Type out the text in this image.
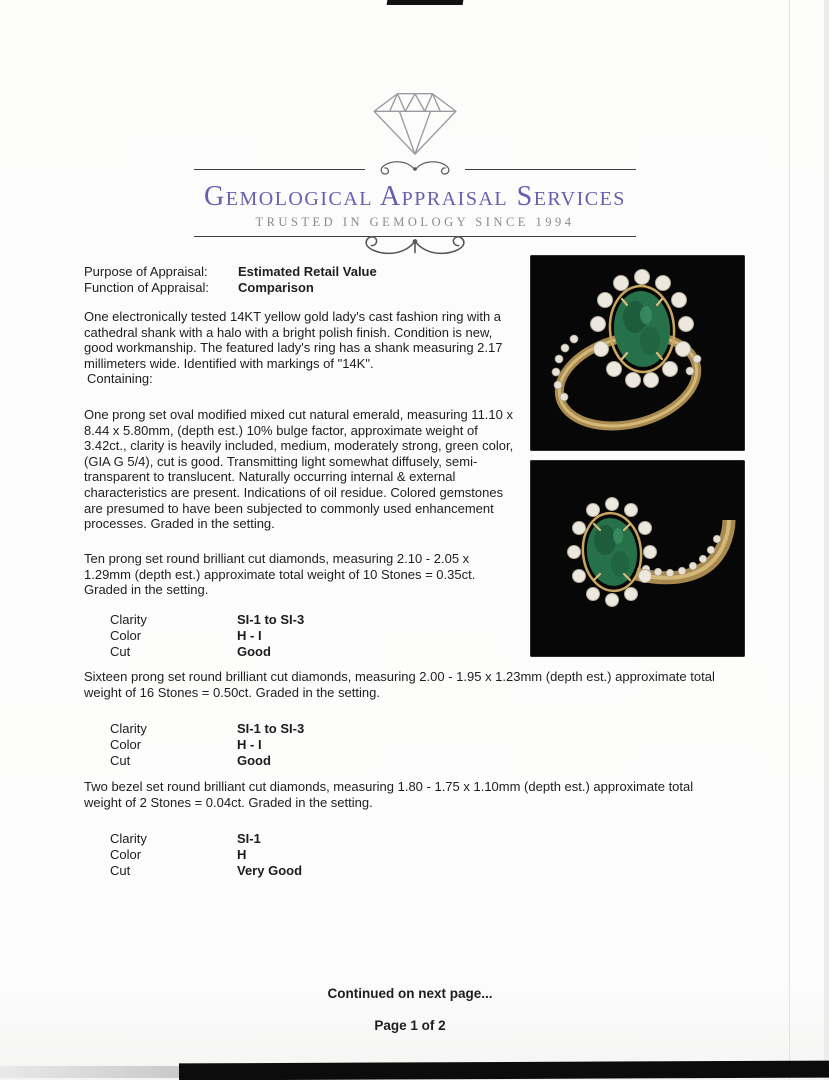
Gemological Appraisal Services
TRUSTED IN GEMOLOGY SINCE 1994
Purpose of Appraisal:	Estimated Retail Value
Function of Appraisal:	Comparison
One electronically tested 14KT yellow gold lady's cast fashion ring with a cathedral shank with a halo with a bright polish finish. Condition is new, good workmanship. The featured lady's ring has a shank measuring 2.17 millimeters wide. Identified with markings of "14K".
Containing:
One prong set oval modified mixed cut natural emerald, measuring 11.10 x 8.44 x 5.80mm, (depth est.) 10% bulge factor, approximate weight of 3.42ct., clarity is heavily included, medium, moderately strong, green color, (GIA G 5/4), cut is good. Transmitting light somewhat diffusely, semi-transparent to translucent. Naturally occurring internal & external characteristics are present. Indications of oil residue. Colored gemstones are presumed to have been subjected to commonly used enhancement processes. Graded in the setting.
Ten prong set round brilliant cut diamonds, measuring 2.10 - 2.05 x 1.29mm (depth est.) approximate total weight of 10 Stones = 0.35ct. Graded in the setting.
Clarity	SI-1 to SI-3
Color	H - I
Cut	Good
Sixteen prong set round brilliant cut diamonds, measuring 2.00 - 1.95 x 1.23mm (depth est.) approximate total weight of 16 Stones = 0.50ct. Graded in the setting.
Clarity	SI-1 to SI-3
Color	H - I
Cut	Good
Two bezel set round brilliant cut diamonds, measuring 1.80 - 1.75 x 1.10mm (depth est.) approximate total weight of 2 Stones = 0.04ct. Graded in the setting.
Clarity	SI-1
Color	H
Cut	Very Good
Continued on next page...
Page 1 of 2
